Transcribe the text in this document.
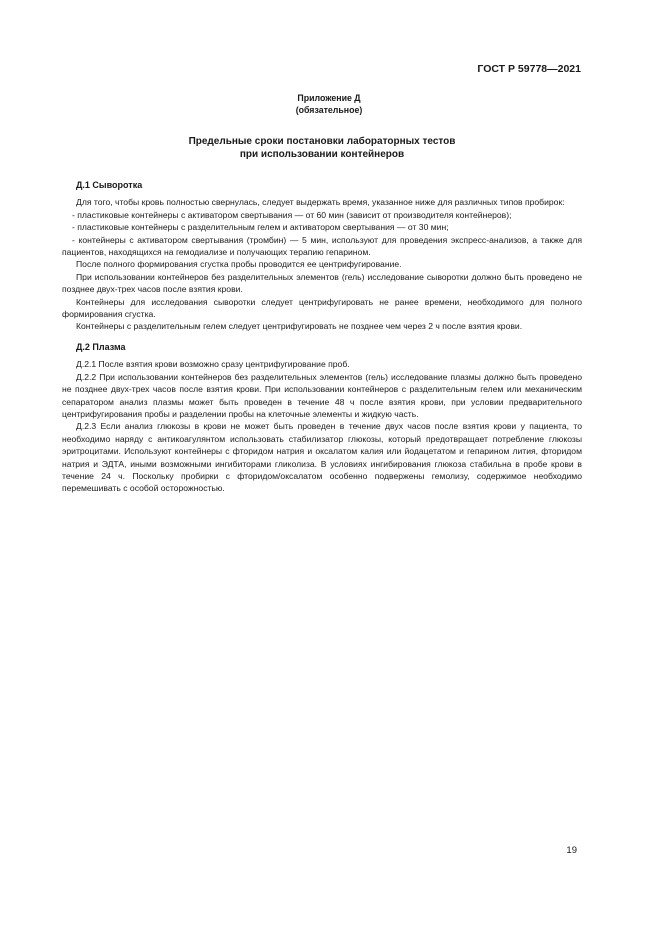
ГОСТ Р 59778—2021

Приложение Д

(обязательное)

Предельные сроки постановки лабораторных тестов
при использовании контейнеров
Д.1 Сыворотка

Для того, чтобы кровь полностью свернулась, следует выдержать время, указанное ниже для различных типов пробирок:

- пластиковые контейнеры с активатором свертывания — от 60 мин (зависит от производителя контейнеров);

- пластиковые контейнеры с разделительным гелем и активатором свертывания — от 30 мин;

- контейнеры с активатором свертывания (тромбин) — 5 мин, используют для проведения экспресс-анализов, а также для пациентов, находящихся на гемодиализе и получающих терапию гепарином.

После полного формирования сгустка пробы проводится ее центрифугирование.

При использовании контейнеров без разделительных элементов (гель) исследование сыворотки должно быть проведено не позднее двух-трех часов после взятия крови.

Контейнеры для исследования сыворотки следует центрифугировать не ранее времени, необходимого для полного формирования сгустка.

Контейнеры с разделительным гелем следует центрифугировать не позднее чем через 2 ч после взятия крови.

Д.2 Плазма

Д.2.1 После взятия крови возможно сразу центрифугирование проб.

Д.2.2 При использовании контейнеров без разделительных элементов (гель) исследование плазмы должно быть проведено не позднее двух-трех часов после взятия крови. При использовании контейнеров с разделительным гелем или механическим сепаратором анализ плазмы может быть проведен в течение 48 ч после взятия крови, при условии предварительного центрифугирования пробы и разделении пробы на клеточные элементы и жидкую часть.

Д.2.3 Если анализ глюкозы в крови не может быть проведен в течение двух часов после взятия крови у пациента, то необходимо наряду с антикоагулянтом использовать стабилизатор глюкозы, который предотвращает потребление глюкозы эритроцитами. Используют контейнеры с фторидом натрия и оксалатом калия или йодацетатом и гепарином лития, фторидом натрия и ЭДТА, иными возможными ингибиторами гликолиза. В условиях ингибирования глюкоза стабильна в пробе крови в течение 24 ч. Поскольку пробирки с фторидом/оксалатом особенно подвержены гемолизу, содержимое необходимо перемешивать с особой осторожностью.

19
